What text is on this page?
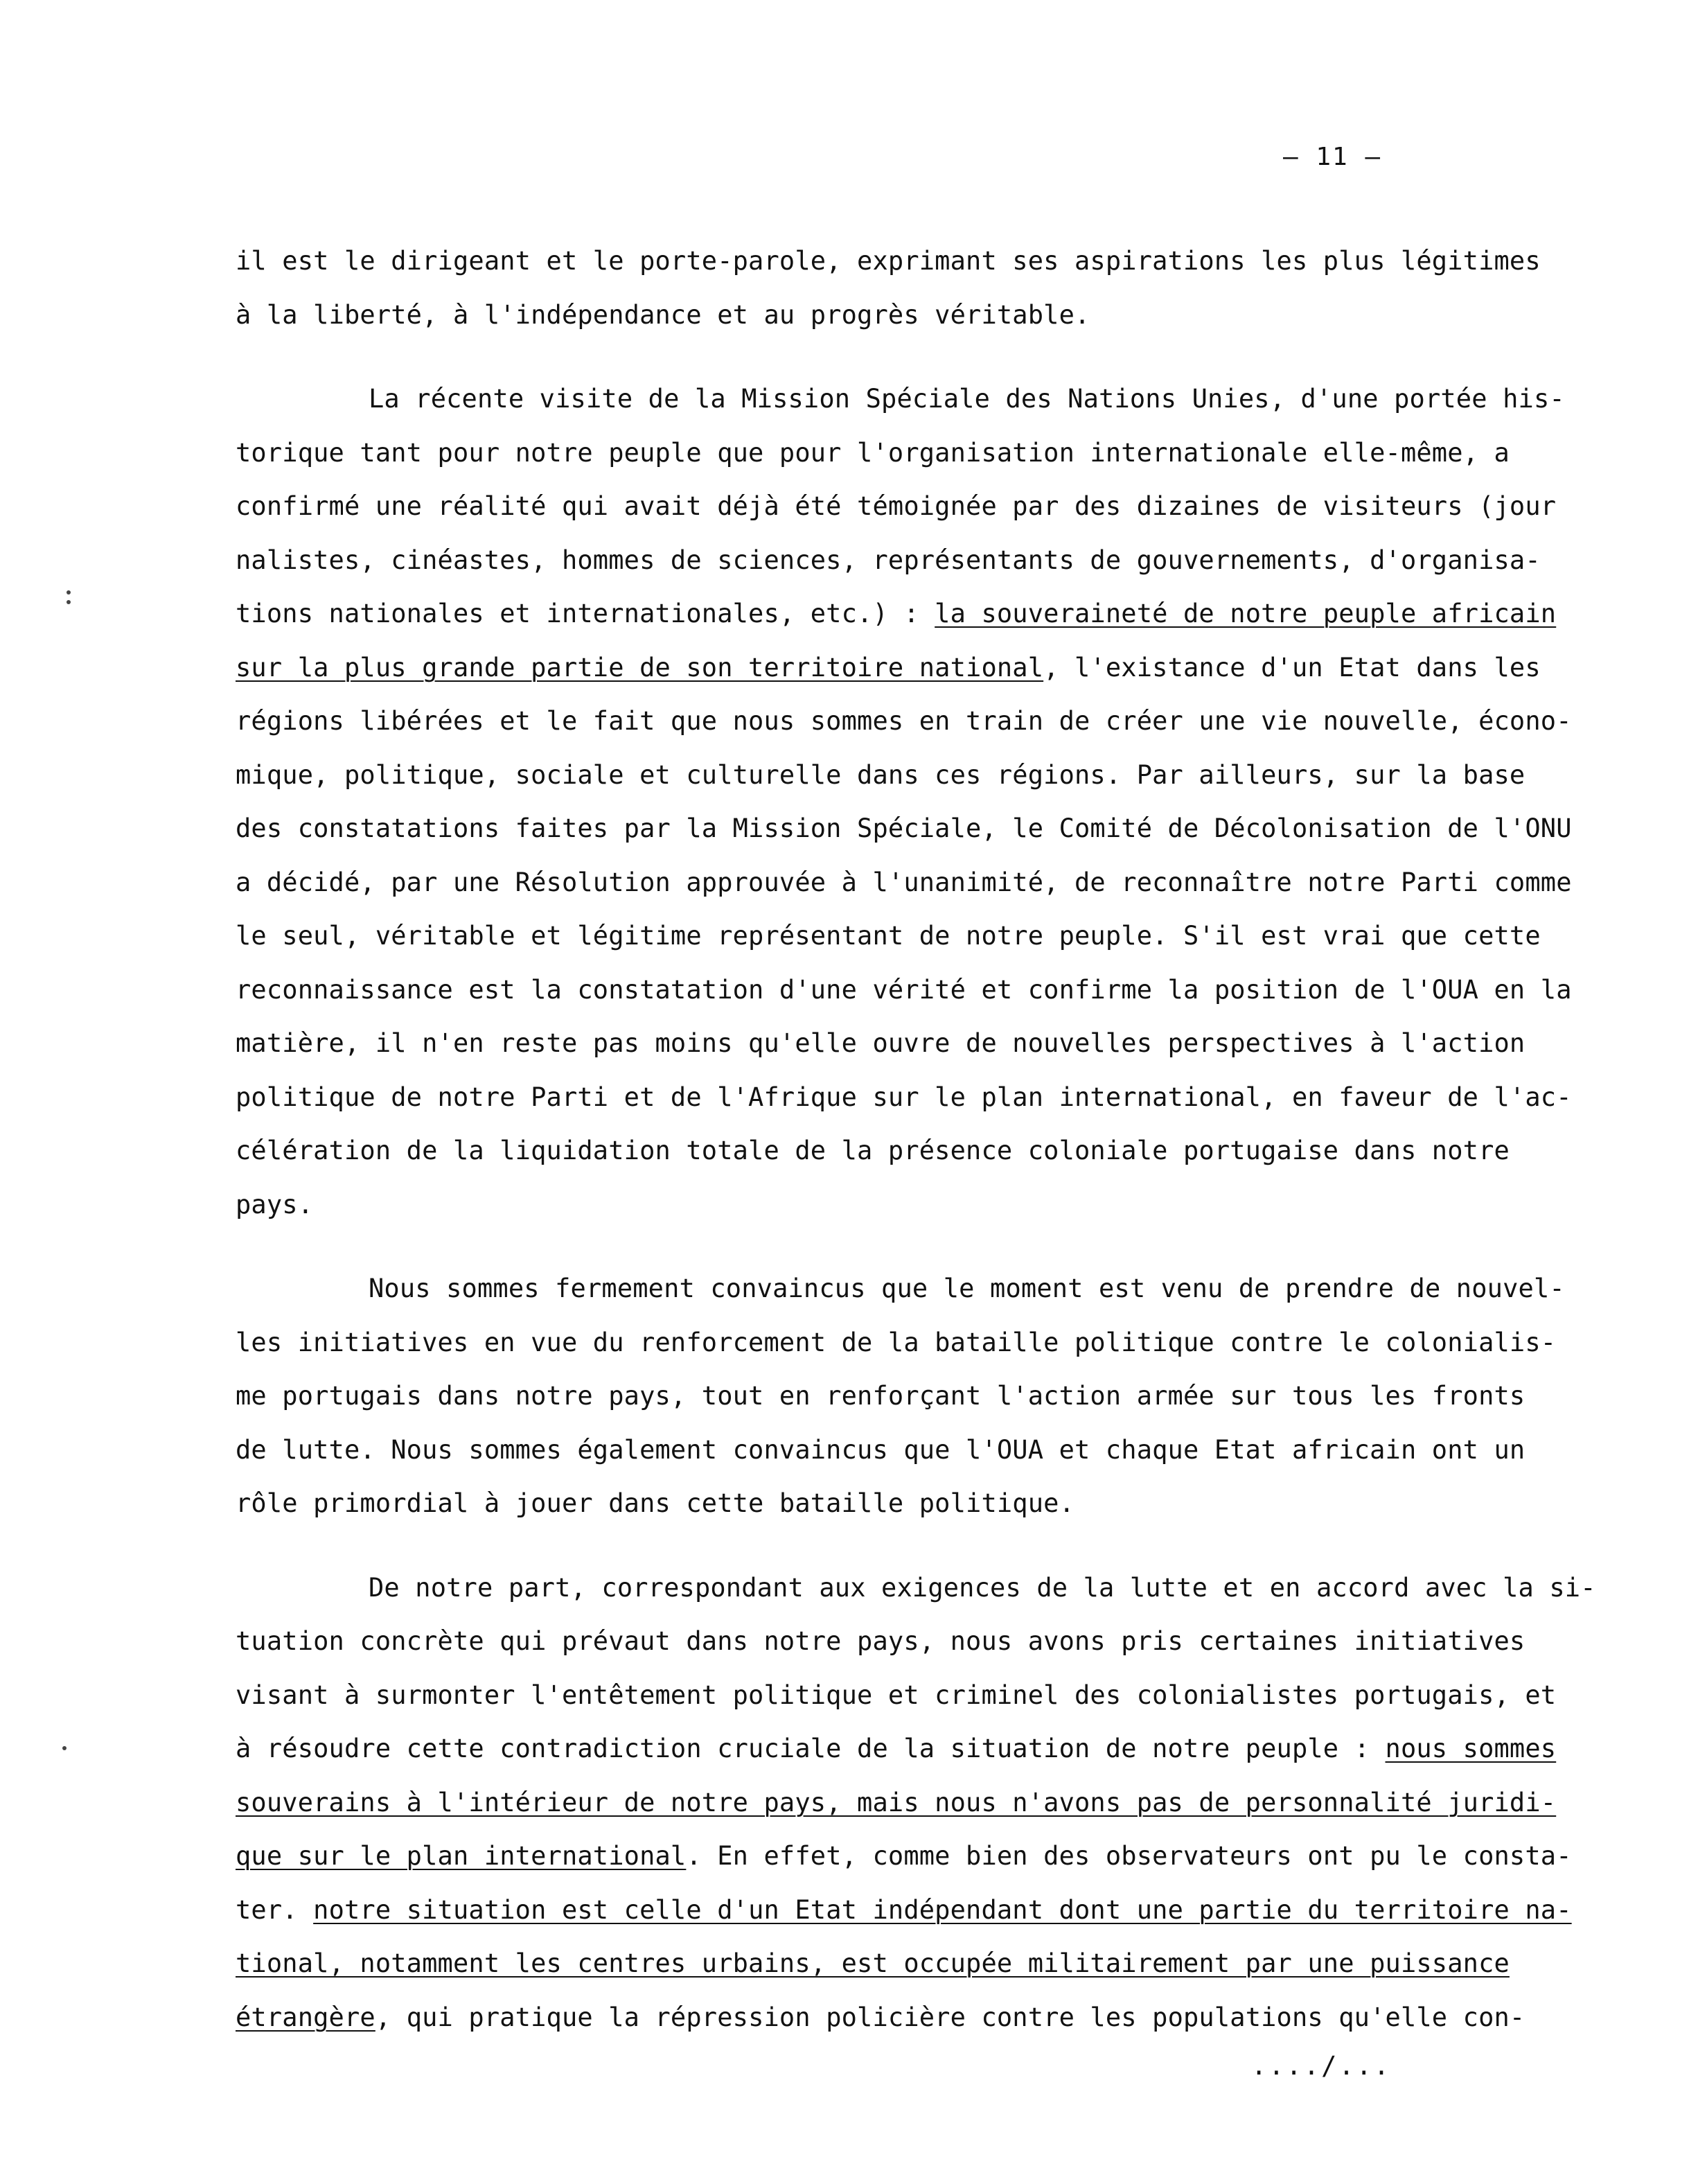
– 11 –
il est le dirigeant et le porte-parole, exprimant ses aspirations les plus légitimes
à la liberté, à l'indépendance et au progrès véritable.
La récente visite de la Mission Spéciale des Nations Unies, d'une portée his-
torique tant pour notre peuple que pour l'organisation internationale elle-même, a
confirmé une réalité qui avait déjà été témoignée par des dizaines de visiteurs (jour
nalistes, cinéastes, hommes de sciences, représentants de gouvernements, d'organisa-
tions nationales et internationales, etc.) : la souveraineté de notre peuple africain
sur la plus grande partie de son territoire national, l'existance d'un Etat dans les
régions libérées et le fait que nous sommes en train de créer une vie nouvelle, écono-
mique, politique, sociale et culturelle dans ces régions. Par ailleurs, sur la base
des constatations faites par la Mission Spéciale, le Comité de Décolonisation de l'ONU
a décidé, par une Résolution approuvée à l'unanimité, de reconnaître notre Parti comme
le seul, véritable et légitime représentant de notre peuple. S'il est vrai que cette
reconnaissance est la constatation d'une vérité et confirme la position de l'OUA en la
matière, il n'en reste pas moins qu'elle ouvre de nouvelles perspectives à l'action
politique de notre Parti et de l'Afrique sur le plan international, en faveur de l'ac-
célération de la liquidation totale de la présence coloniale portugaise dans notre
pays.
Nous sommes fermement convaincus que le moment est venu de prendre de nouvel-
les initiatives en vue du renforcement de la bataille politique contre le colonialis-
me portugais dans notre pays, tout en renforçant l'action armée sur tous les fronts
de lutte. Nous sommes également convaincus que l'OUA et chaque Etat africain ont un
rôle primordial à jouer dans cette bataille politique.
De notre part, correspondant aux exigences de la lutte et en accord avec la si-
tuation concrète qui prévaut dans notre pays, nous avons pris certaines initiatives
visant à surmonter l'entêtement politique et criminel des colonialistes portugais, et
à résoudre cette contradiction cruciale de la situation de notre peuple : nous sommes
souverains à l'intérieur de notre pays, mais nous n'avons pas de personnalité juridi-
que sur le plan international. En effet, comme bien des observateurs ont pu le consta-
ter. notre situation est celle d'un Etat indépendant dont une partie du territoire na-
tional, notamment les centres urbains, est occupée militairement par une puissance
étrangère, qui pratique la répression policière contre les populations qu'elle con-
..../...
